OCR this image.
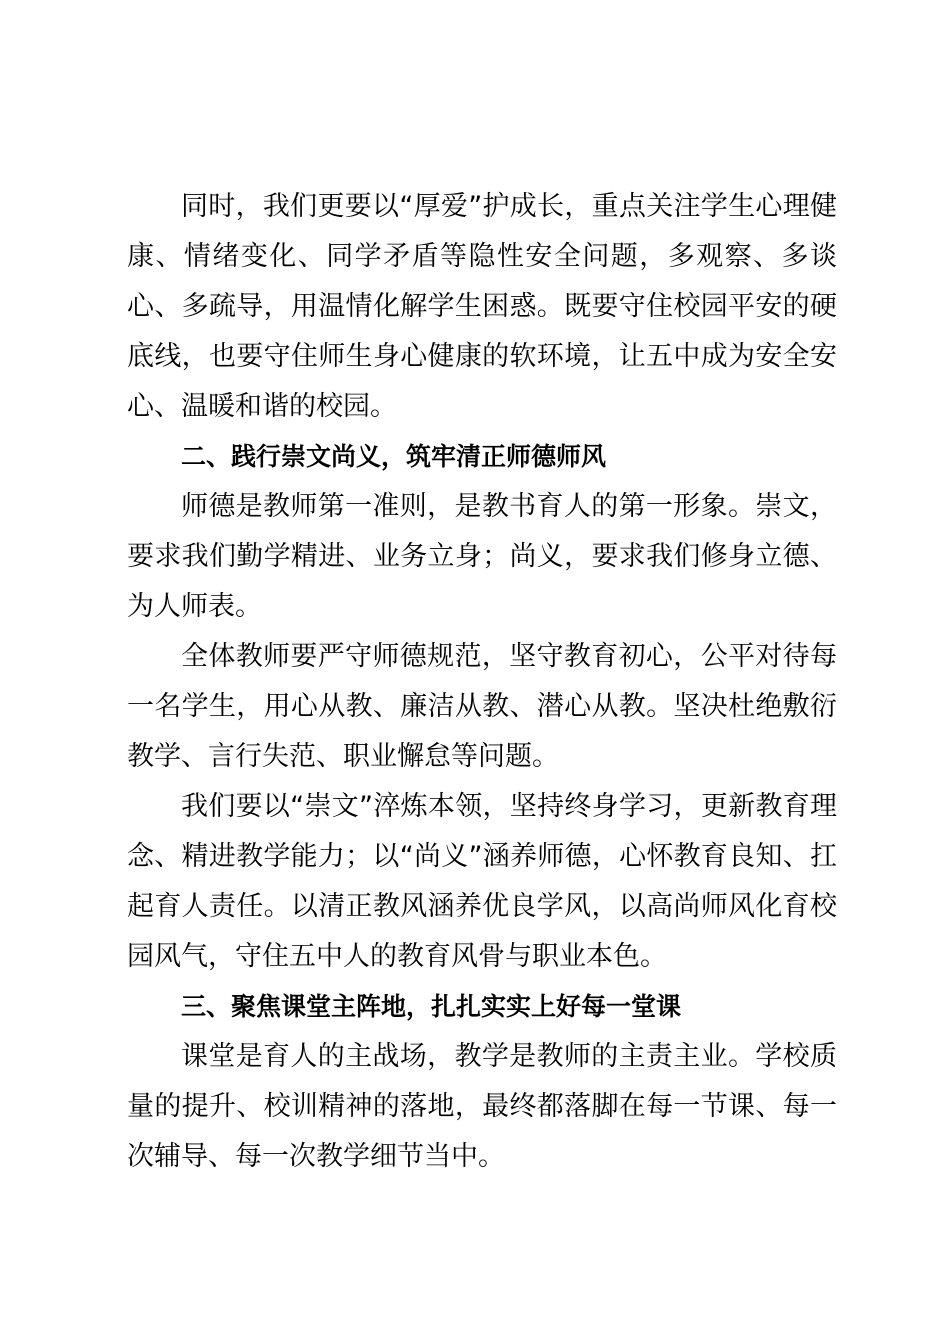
同时，我们更要以“厚爱”护成长，重点关注学生心理健康、情绪变化、同学矛盾等隐性安全问题，多观察、多谈心、多疏导，用温情化解学生困惑。既要守住校园平安的硬底线，也要守住师生身心健康的软环境，让五中成为安全安心、温暖和谐的校园。

二、践行崇文尚义，筑牢清正师德师风

师德是教师第一准则，是教书育人的第一形象。崇文，要求我们勤学精进、业务立身；尚义，要求我们修身立德、为人师表。

全体教师要严守师德规范，坚守教育初心，公平对待每一名学生，用心从教、廉洁从教、潜心从教。坚决杜绝敷衍教学、言行失范、职业懈怠等问题。

我们要以“崇文”淬炼本领，坚持终身学习，更新教育理念、精进教学能力；以“尚义”涵养师德，心怀教育良知、扛起育人责任。以清正教风涵养优良学风，以高尚师风化育校园风气，守住五中人的教育风骨与职业本色。

三、聚焦课堂主阵地，扎扎实实上好每一堂课

课堂是育人的主战场，教学是教师的主责主业。学校质量的提升、校训精神的落地，最终都落脚在每一节课、每一次辅导、每一次教学细节当中。
